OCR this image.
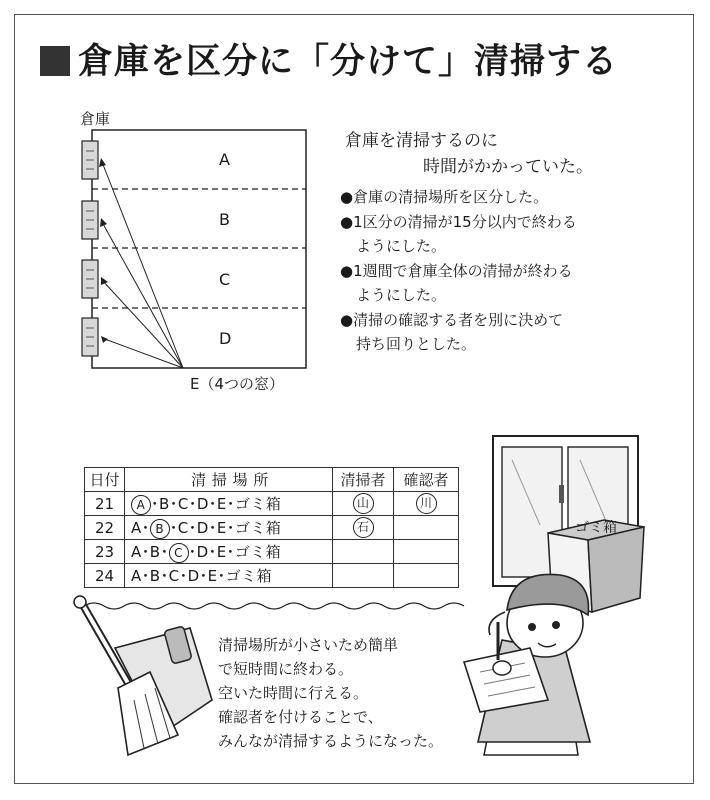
倉庫を区分に「分けて」清掃する
倉庫
A
B
C
D
E（4つの窓）
倉庫を清掃するのに
時間がかかっていた。
●倉庫の清掃場所を区分した。
●1区分の清掃が15分以内で終わる
ようにした。
●1週間で倉庫全体の清掃が終わる
ようにした。
●清掃の確認する者を別に決めて
持ち回りとした。
日付	清 掃 場 所	清掃者	確認者
21	A ･B･C･D･E･ゴミ箱	山	川
22	A･ B ･C･D･E･ゴミ箱	石	
23	A･B･ C ･D･E･ゴミ箱		
24	A･B･C･D･E･ゴミ箱		
ゴミ箱
清掃場所が小さいため簡単
で短時間に終わる。
空いた時間に行える。
確認者を付けることで、
みんなが清掃するようになった。
